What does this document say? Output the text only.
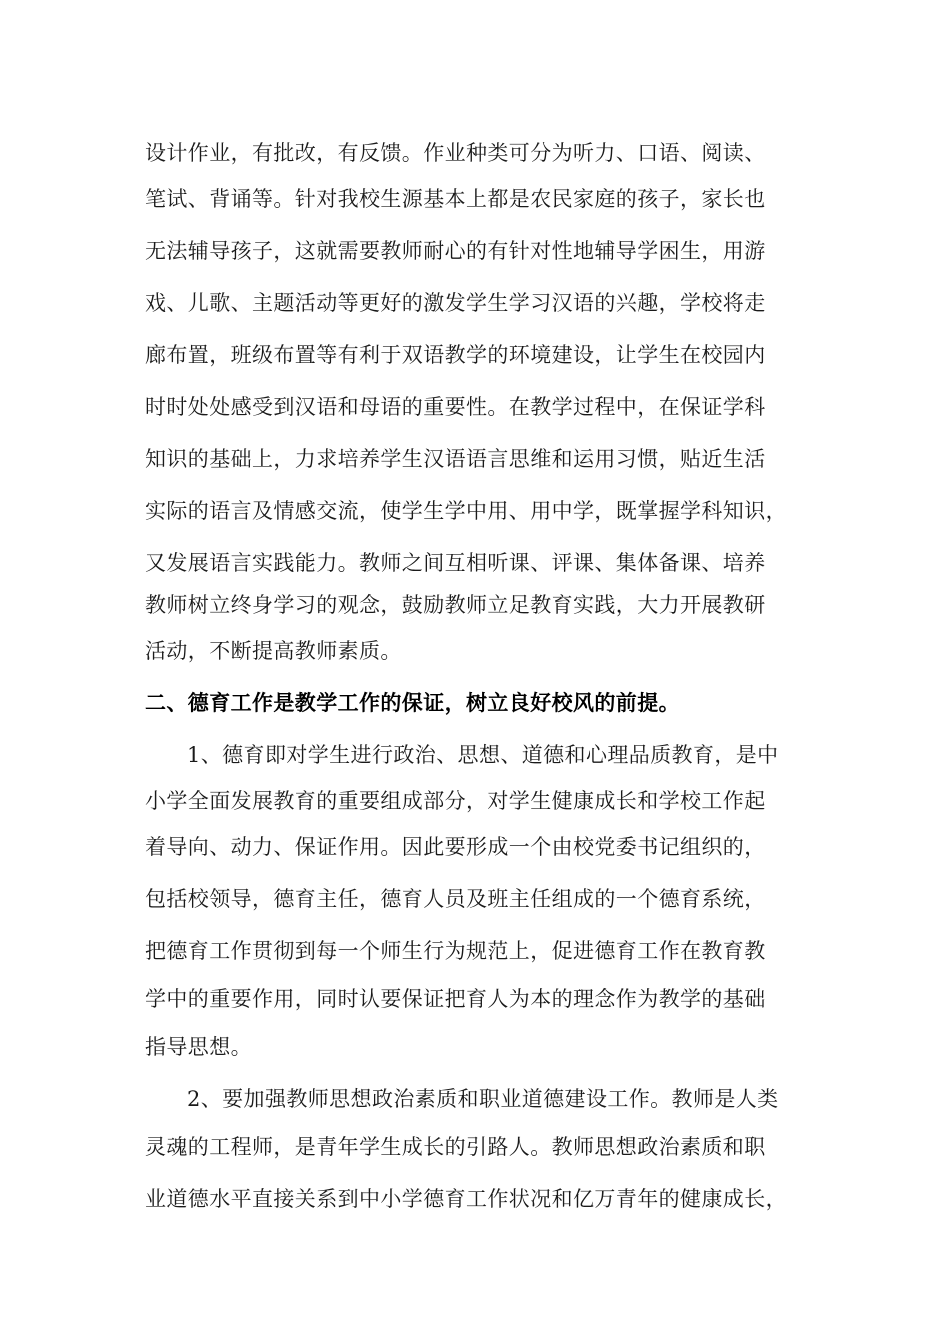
设计作业，有批改，有反馈。作业种类可分为听力、口语、阅读、
笔试、背诵等。针对我校生源基本上都是农民家庭的孩子，家长也
无法辅导孩子，这就需要教师耐心的有针对性地辅导学困生，用游
戏、儿歌、主题活动等更好的激发学生学习汉语的兴趣，学校将走
廊布置，班级布置等有利于双语教学的环境建设，让学生在校园内
时时处处感受到汉语和母语的重要性。在教学过程中，在保证学科
知识的基础上，力求培养学生汉语语言思维和运用习惯，贴近生活
实际的语言及情感交流，使学生学中用、用中学，既掌握学科知识，
又发展语言实践能力。教师之间互相听课、评课、集体备课、培养
教师树立终身学习的观念，鼓励教师立足教育实践，大力开展教研
活动，不断提高教师素质。
二、德育工作是教学工作的保证，树立良好校风的前提。
1、德育即对学生进行政治、思想、道德和心理品质教育，是中
小学全面发展教育的重要组成部分，对学生健康成长和学校工作起
着导向、动力、保证作用。因此要形成一个由校党委书记组织的，
包括校领导，德育主任，德育人员及班主任组成的一个德育系统，
把德育工作贯彻到每一个师生行为规范上，促进德育工作在教育教
学中的重要作用，同时认要保证把育人为本的理念作为教学的基础
指导思想。
2、要加强教师思想政治素质和职业道德建设工作。教师是人类
灵魂的工程师，是青年学生成长的引路人。教师思想政治素质和职
业道德水平直接关系到中小学德育工作状况和亿万青年的健康成长，
